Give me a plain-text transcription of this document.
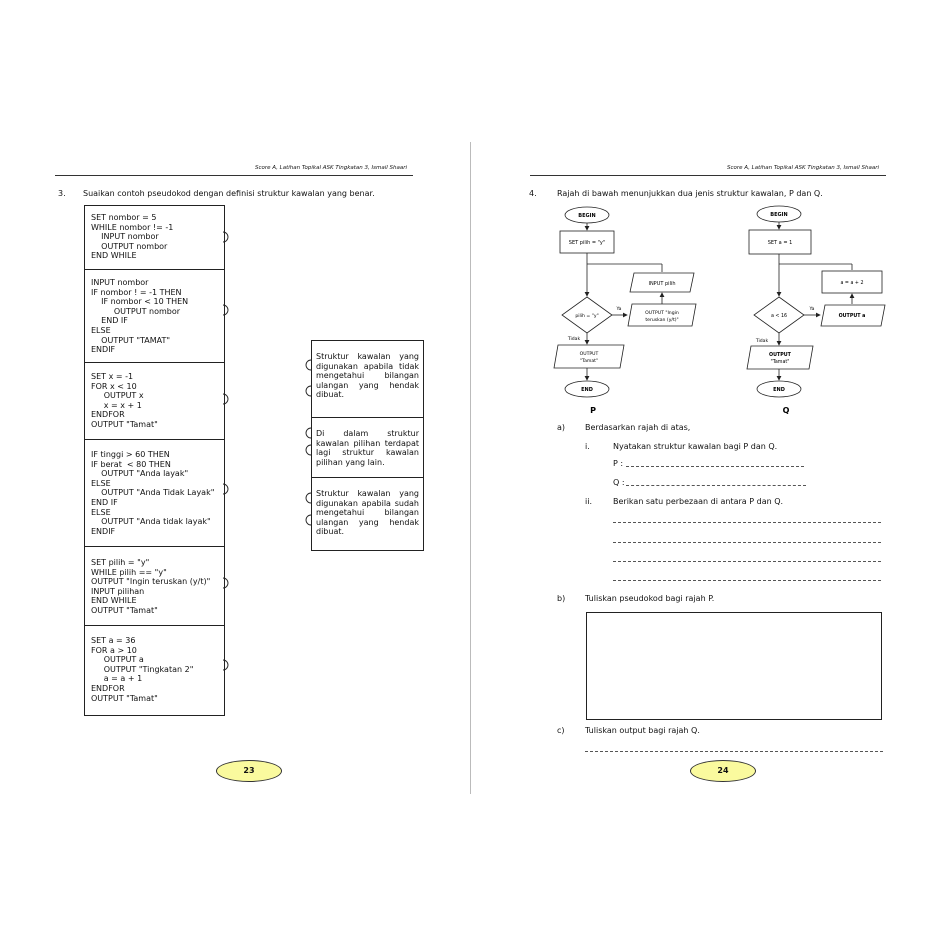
Score A, Latihan Topikal ASK Tingkatan 3, Ismail Shaari
3. Suaikan contoh pseudokod dengan definisi struktur kawalan yang benar.
SET nombor = 5
WHILE nombor != -1
INPUT nombor
OUTPUT nombor
END WHILE
INPUT nombor
IF nombor ! = -1 THEN
IF nombor < 10 THEN
OUTPUT nombor
END IF
ELSE
OUTPUT "TAMAT"
ENDIF
SET x = -1
FOR x < 10
OUTPUT x
x = x + 1
ENDFOR
OUTPUT "Tamat"
IF tinggi > 60 THEN
IF berat  < 80 THEN
OUTPUT "Anda layak"
ELSE
OUTPUT "Anda Tidak Layak"
END IF
ELSE
OUTPUT "Anda tidak layak"
ENDIF
SET pilih = "y"
WHILE pilih == "y"
OUTPUT "Ingin teruskan (y/t)"
INPUT pilihan
END WHILE
OUTPUT "Tamat"
SET a = 36
FOR a > 10
OUTPUT a
OUTPUT "Tingkatan 2"
a = a + 1
ENDFOR
OUTPUT "Tamat"
Struktur kawalan yang digunakan apabila tidak mengetahui bilangan ulangan yang hendak dibuat.
Di dalam struktur kawalan pilihan terdapat lagi struktur kawalan pilihan yang lain.
Struktur kawalan yang digunakan apabila sudah mengetahui bilangan ulangan yang hendak dibuat.
23
Score A, Latihan Topikal ASK Tingkatan 3, Ismail Shaari
4.	Rajah di bawah menunjukkan dua jenis struktur kawalan, P dan Q.
BEGIN
SET pilih = "y"
INPUT pilih
pilih = "y"
Ya
OUTPUT "Ingin
teruskan (y/t)"
Tidak
OUTPUT
"Tamat"
END
P
BEGIN
SET a = 1
a = a + 2
a < 16
Ya
OUTPUT a
Tidak
OUTPUT
"Tamat"
END
Q
a) Berdasarkan rajah di atas,
i.	Nyatakan struktur kawalan bagi P dan Q.
P :
Q :
ii.	Berikan satu perbezaan di antara P dan Q.
b) Tuliskan pseudokod bagi rajah P.
c)	Tuliskan output bagi rajah Q.
24
